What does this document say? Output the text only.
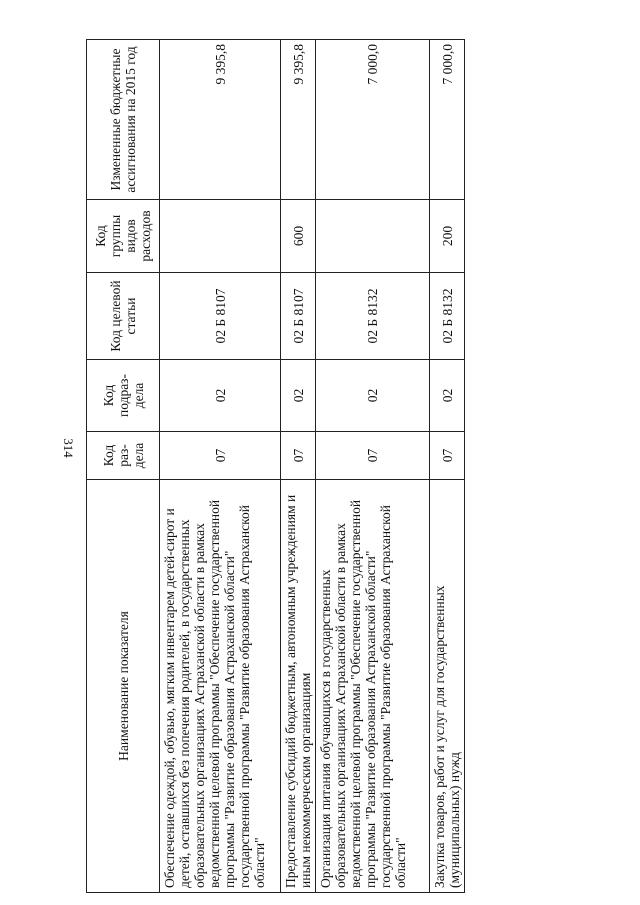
314
Наименование показателя	Код раз-дела	Код подраз-дела	Код целевой статьи	Код группы видов расходов	Измененные бюджетные ассигнования на 2015 год
Обеспечение одеждой, обувью, мягким инвентарем детей-сирот и детей, оставшихся без попечения родителей, в государственных образовательных организациях Астраханской области в рамках ведомственной целевой программы "Обеспечение государственной программы "Развитие образования Астраханской области" государственной программы "Развитие образования Астраханской области"	07	02	02 Б 8107		9 395,8
Предоставление субсидий бюджетным, автономным учреждениям и иным некоммерческим организациям	07	02	02 Б 8107	600	9 395,8
Организация питания обучающихся в государственных образовательных организациях Астраханской области в рамках ведомственной целевой программы "Обеспечение государственной программы "Развитие образования Астраханской области" государственной программы "Развитие образования Астраханской области"	07	02	02 Б 8132		7 000,0
Закупка товаров, работ и услуг для государственных (муниципальных) нужд	07	02	02 Б 8132	200	7 000,0
